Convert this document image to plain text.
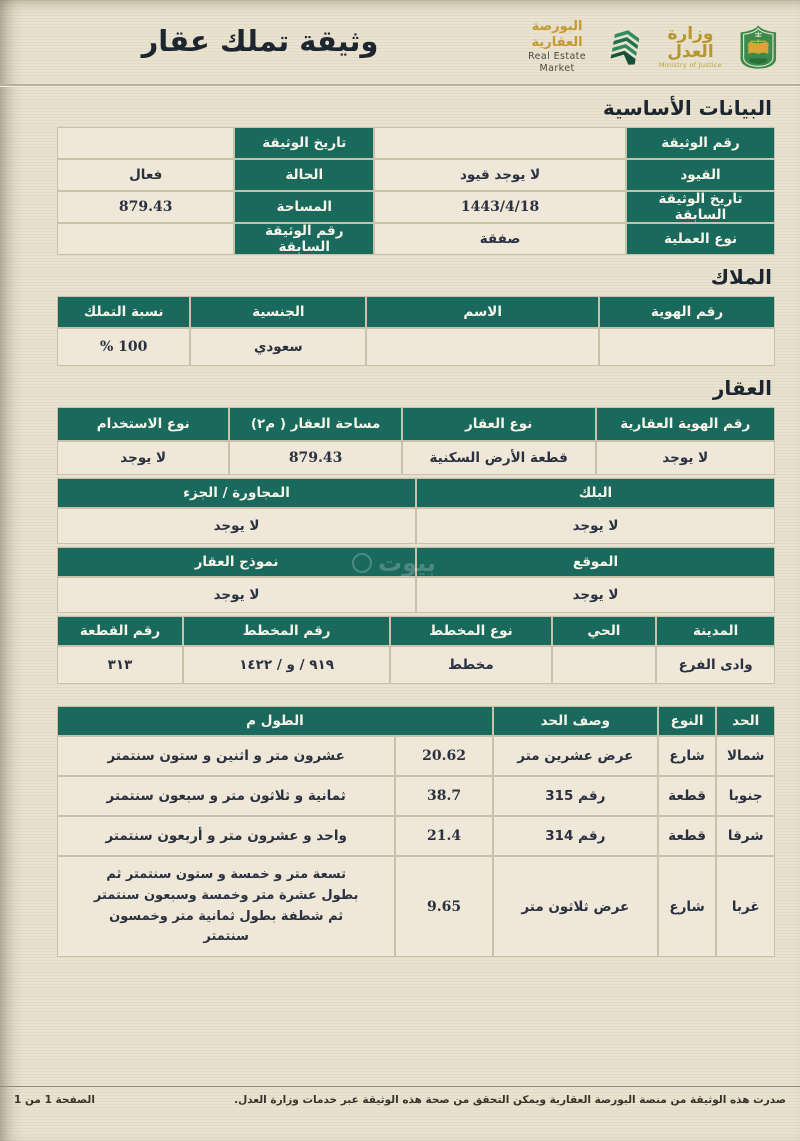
وثيقة تملك عقار	البورصة العقارية
Real Estate Market
وزارة العدل
Ministry of Justice
البيانات الأساسية
رقم الوثيقة
تاريخ الوثيقة
القيود
لا يوجد قيود
الحالة
فعال
تاريخ الوثيقة السابقة
1443/4/18
المساحة
879.43
نوع العملية
صفقة
رقم الوثيقة السابقة
الملاك
رقم الهوية
الاسم
الجنسية
نسبة التملك
سعودي
% 100
العقار
رقم الهوية العقارية
نوع العقار
مساحة العقار ( م٢)
نوع الاستخدام
لا يوجد
قطعة الأرض السكنية
879.43
لا يوجد
البلك
المجاورة / الجزء
لا يوجد
لا يوجد
الموقع
نموذج العقار
لا يوجد
لا يوجد
المدينة
الحي
نوع المخطط
رقم المخطط
رقم القطعة
وادى الفرع
مخطط
٩١٩ / و / ١٤٢٢
٣١٣
الحد
النوع
وصف الحد
الطول م
شمالا
شارع
عرض عشرين متر
20.62
عشرون متر و اثنين و ستون سنتمتر
جنوبا
قطعة
رقم 315
38.7
ثمانية و ثلاثون متر و سبعون سنتمتر
شرقا
قطعة
رقم 314
21.4
واحد و عشرون متر و أربعون سنتمتر
غربا
شارع
عرض ثلاثون متر
9.65
تسعة متر و خمسة و ستون سنتمتر ثم بطول عشرة متر وخمسة وسبعون سنتمتر ثم شطفة بطول ثمانية متر وخمسون سنتمتر
بيوت
صدرت هذه الوثيقة من منصة البورصة العقارية ويمكن التحقق من صحة هذه الوثيقة عبر خدمات وزارة العدل.
الصفحة 1 من 1
